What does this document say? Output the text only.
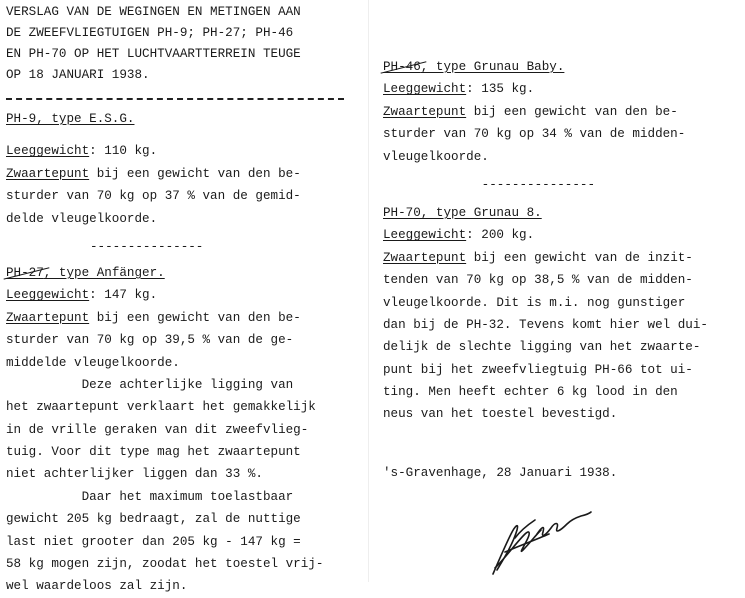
VERSLAG VAN DE WEGINGEN EN METINGEN AAN
DE ZWEEFVLIEGTUIGEN PH-9; PH-27; PH-46
EN PH-70 OP HET LUCHTVAARTTERREIN TEUGE
OP 18 JANUARI 1938.
PH-9, type E.S.G.
Leeggewicht: 110 kg.
Zwaartepunt bij een gewicht van den be-
sturder van 70 kg op 37 % van de gemid-
delde vleugelkoorde.
---------------
PH-27, type Anfänger.
Leeggewicht: 147 kg.
Zwaartepunt bij een gewicht van den be-
sturder van 70 kg op 39,5 % van de ge-
middelde vleugelkoorde.
Deze achterlijke ligging van
het zwaartepunt verklaart het gemakkelijk
in de vrille geraken van dit zweefvlieg-
tuig. Voor dit type mag het zwaartepunt
niet achterlijker liggen dan 33 %.
Daar het maximum toelastbaar
gewicht 205 kg bedraagt, zal de nuttige
last niet grooter dan 205 kg - 147 kg =
58 kg mogen zijn, zoodat het toestel vrij-
wel waardeloos zal zijn.
PH-46, type Grunau Baby.
Leeggewicht: 135 kg.
Zwaartepunt bij een gewicht van den be-
sturder van 70 kg op 34 % van de midden-
vleugelkoorde.
---------------
PH-70, type Grunau 8.
Leeggewicht: 200 kg.
Zwaartepunt bij een gewicht van de inzit-
tenden van 70 kg op 38,5 % van de midden-
vleugelkoorde. Dit is m.i. nog gunstiger
dan bij de PH-32. Tevens komt hier wel dui-
delijk de slechte ligging van het zwaarte-
punt bij het zweefvliegtuig PH-66 tot ui-
ting. Men heeft echter 6 kg lood in den
neus van het toestel bevestigd.
's-Gravenhage, 28 Januari 1938.
